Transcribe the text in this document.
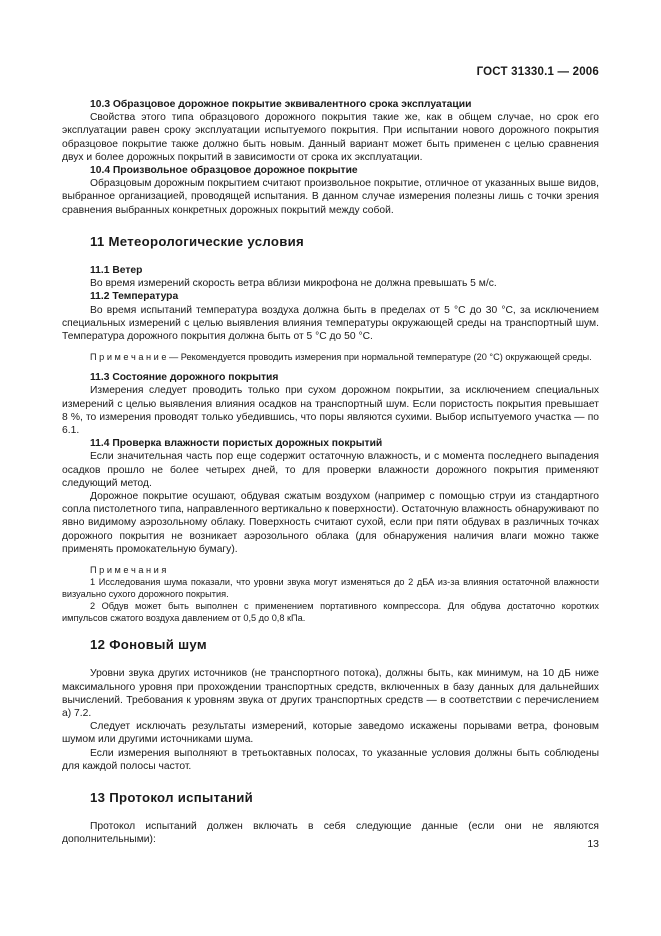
ГОСТ 31330.1 — 2006
10.3 Образцовое дорожное покрытие эквивалентного срока эксплуатации

Свойства этого типа образцового дорожного покрытия такие же, как в общем случае, но срок его эксплуатации равен сроку эксплуатации испытуемого покрытия. При испытании нового дорожного покрытия образцовое покрытие также должно быть новым. Данный вариант может быть применен с целью сравнения двух и более дорожных покрытий в зависимости от срока их эксплуатации.

10.4 Произвольное образцовое дорожное покрытие

Образцовым дорожным покрытием считают произвольное покрытие, отличное от указанных выше видов, выбранное организацией, проводящей испытания. В данном случае измерения полезны лишь с точки зрения сравнения выбранных конкретных дорожных покрытий между собой.

11 Метеорологические условия
11.1 Ветер

Во время измерений скорость ветра вблизи микрофона не должна превышать 5 м/с.

11.2 Температура

Во время испытаний температура воздуха должна быть в пределах от 5 °С до 30 °С, за исключением специальных измерений с целью выявления влияния температуры окружающей среды на транспортный шум. Температура дорожного покрытия должна быть от 5 °С до 50 °С.

П р и м е ч а н и е — Рекомендуется проводить измерения при нормальной температуре (20 °С) окружающей среды.
11.3 Состояние дорожного покрытия

Измерения следует проводить только при сухом дорожном покрытии, за исключением специальных измерений с целью выявления влияния осадков на транспортный шум. Если пористость покрытия превышает 8 %, то измерения проводят только убедившись, что поры являются сухими. Выбор испытуемого участка — по 6.1.

11.4 Проверка влажности пористых дорожных покрытий

Если значительная часть пор еще содержит остаточную влажность, и с момента последнего выпадения осадков прошло не более четырех дней, то для проверки влажности дорожного покрытия применяют следующий метод.

Дорожное покрытие осушают, обдувая сжатым воздухом (например с помощью струи из стандартного сопла пистолетного типа, направленного вертикально к поверхности). Остаточную влажность обнаруживают по явно видимому аэрозольному облаку. Поверхность считают сухой, если при пяти обдувах в различных точках дорожного покрытия не возникает аэрозольного облака (для обнаружения наличия влаги можно также применять промокательную бумагу).

П р и м е ч а н и я
1 Исследования шума показали, что уровни звука могут изменяться до 2 дБА из-за влияния остаточной влажности визуально сухого дорожного покрытия.
2 Обдув может быть выполнен с применением портативного компрессора. Для обдува достаточно коротких импульсов сжатого воздуха давлением от 0,5 до 0,8 кПа.
12 Фоновый шум

Уровни звука других источников (не транспортного потока), должны быть, как минимум, на 10 дБ ниже максимального уровня при прохождении транспортных средств, включенных в базу данных для дальнейших вычислений. Требования к уровням звука от других транспортных средств — в соответствии с перечислением а) 7.2.

Следует исключать результаты измерений, которые заведомо искажены порывами ветра, фоновым шумом или другими источниками шума.

Если измерения выполняют в третьоктавных полосах, то указанные условия должны быть соблюдены для каждой полосы частот.

13 Протокол испытаний

Протокол испытаний должен включать в себя следующие данные (если они не являются дополнительными):	13
